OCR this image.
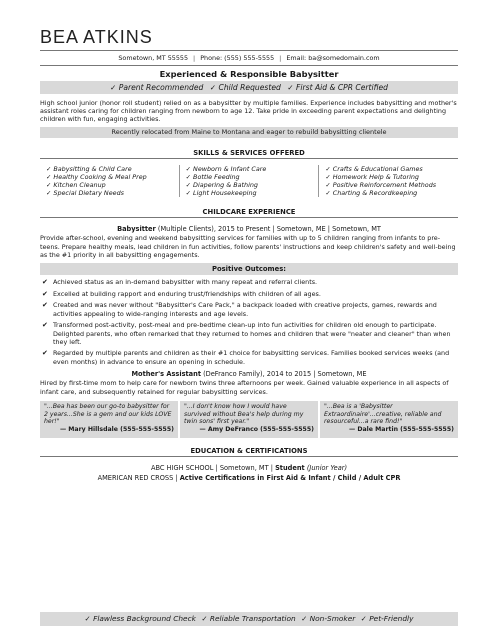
BEA ATKINS
Sometown, MT 55555 | Phone: (555) 555-5555 | Email: ba@somedomain.com
Experienced & Responsible Babysitter
✓ Parent Recommended ✓ Child Requested ✓ First Aid & CPR Certified
High school junior (honor roll student) relied on as a babysitter by multiple families. Experience includes babysitting and mother's assistant roles caring for children ranging from newborn to age 12. Take pride in exceeding parent expectations and delighting children with fun, engaging activities.
Recently relocated from Maine to Montana and eager to rebuild babysitting clientele
SKILLS & SERVICES OFFERED
✓ Babysitting & Child Care
✓ Healthy Cooking & Meal Prep
✓ Kitchen Cleanup
✓ Special Dietary Needs
✓ Newborn & Infant Care
✓ Bottle Feeding
✓ Diapering & Bathing
✓ Light Housekeeping
✓ Crafts & Educational Games
✓ Homework Help & Tutoring
✓ Positive Reinforcement Methods
✓ Charting & Recordkeeping
CHILDCARE EXPERIENCE
Babysitter (Multiple Clients), 2015 to Present | Sometown, ME | Sometown, MT
Provide after-school, evening and weekend babysitting services for families with up to 5 children ranging from infants to pre-teens. Prepare healthy meals, lead children in fun activities, follow parents' instructions and keep children's safety and well-being as the #1 priority in all babysitting engagements.
Positive Outcomes:
✔ Achieved status as an in-demand babysitter with many repeat and referral clients.
✔ Excelled at building rapport and enduring trust/friendships with children of all ages.
✔ Created and was never without "Babysitter's Care Pack," a backpack loaded with creative projects, games, rewards and activities appealing to wide-ranging interests and age levels.
✔ Transformed post-activity, post-meal and pre-bedtime clean-up into fun activities for children old enough to participate. Delighted parents, who often remarked that they returned to homes and children that were "neater and cleaner" than when they left.
✔ Regarded by multiple parents and children as their #1 choice for babysitting services. Families booked services weeks (and even months) in advance to ensure an opening in schedule.
Mother's Assistant (DeFranco Family), 2014 to 2015 | Sometown, ME
Hired by first-time mom to help care for newborn twins three afternoons per week. Gained valuable experience in all aspects of infant care, and subsequently retained for regular babysitting services.
"...Bea has been our go-to babysitter for 2 years...She is a gem and our kids LOVE her!"
— Mary Hillsdale (555-555-5555)
"...I don't know how I would have survived without Bea's help during my twin sons' first year."
— Amy DeFranco (555-555-5555)
"...Bea is a 'Babysitter Extraordinaire'...creative, reliable and resourceful...a rare find!"
— Dale Martin (555-555-5555)
EDUCATION & CERTIFICATIONS
ABC HIGH SCHOOL | Sometown, MT | Student (Junior Year)
AMERICAN RED CROSS | Active Certifications in First Aid & Infant / Child / Adult CPR
✓ Flawless Background Check ✓ Reliable Transportation ✓ Non-Smoker ✓ Pet-Friendly
